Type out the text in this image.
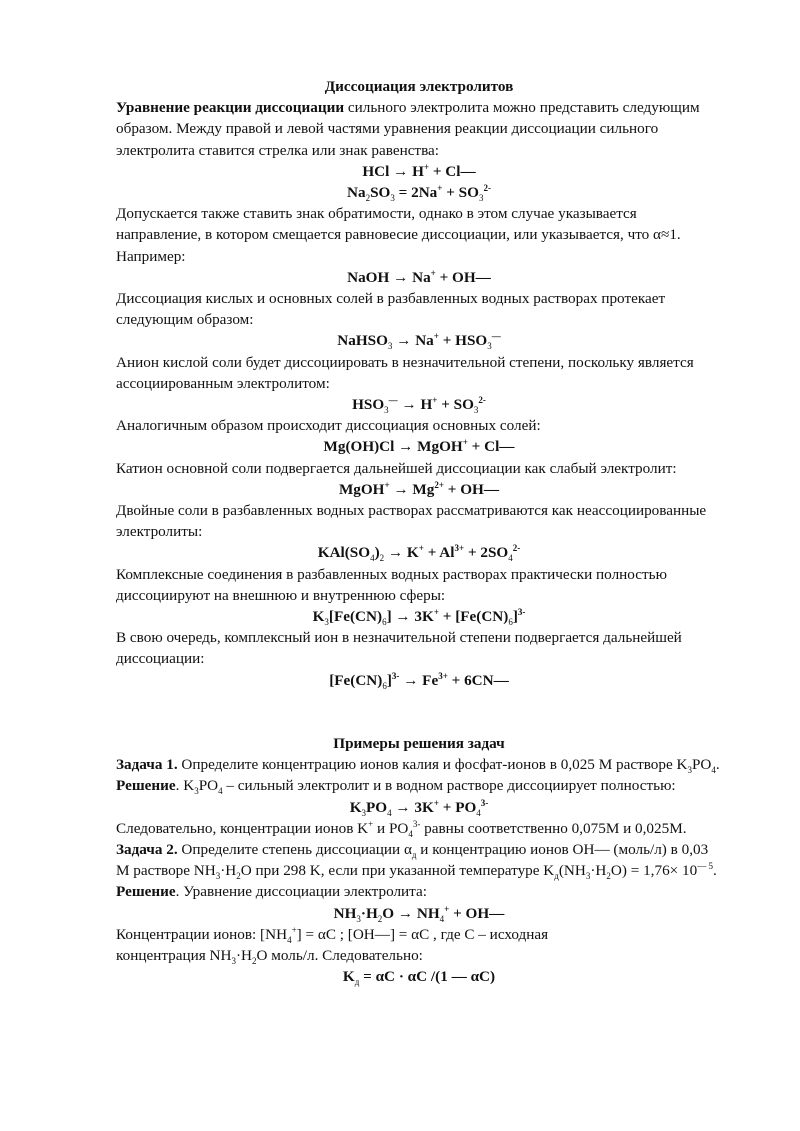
Диссоциация электролитов

Уравнение реакции диссоциации сильного электролита можно представить следующим образом. Между правой и левой частями уравнения реакции диссоциации сильного электролита ставится стрелка или знак равенства:

HCl → H+ + Cl—

$Na_2SO_3 = 2Na^+ + SO_3^{2-}$

Допускается также ставить знак обратимости, однако в этом случае указывается направление, в котором смещается равновесие диссоциации, или указывается, что α≈1. Например:

NaOH → Na+ + OH—

Диссоциация кислых и основных солей в разбавленных водных растворах протекает следующим образом:

NaHSO$_3$ → $Na^+ + HSO_3^—$

Анион кислой соли будет диссоциировать в незначительной степени, поскольку является ассоциированным электролитом:

$HSO_3^— \to H^+ + SO_3^{2-}$

Аналогичным образом происходит диссоциация основных солей:

Mg(OH)Cl → MgOH+ + Cl—

Катион основной соли подвергается дальнейшей диссоциации как слабый электролит:

MgOH+ → $Mg^{2+}$ + OH—

Двойные соли в разбавленных водных растворах рассматриваются как неассоциированные электролиты:

$KAl(SO_4)_2 \to K^+ + Al^{3+} + 2SO_4^{2-}$

Комплексные соединения в разбавленных водных растворах практически полностью диссоциируют на внешнюю и внутреннюю сферы:

$K_3[Fe(CN)_6] \to 3K^+ + [Fe(CN)_6]^{3-}$

В свою очередь, комплексный ион в незначительной степени подвергается дальнейшей диссоциации:

$[Fe(CN)_6]^{3-} \to Fe^{3+}$ + 6CN—

Примеры решения задач

Задача 1. Определите концентрацию ионов калия и фосфат-ионов в 0,025 М растворе $K_3PO_4$.

Решение. $K_3PO_4$ – сильный электролит и в водном растворе диссоциирует полностью:

$K_3PO_4 \to 3K^+ + PO_4^{3-}$

Следовательно, концентрации ионов K+ и $PO_4^{3-}$ равны соответственно 0,075М и 0,025М.

Задача 2. Определите степень диссоциации $\alpha_д$ и концентрацию ионов OH— (моль/л) в 0,03 М растворе $NH_3\cdot H_2O$ при 298 K, если при указанной температуре $K_д(NH_3\cdot H_2O) = 1,76\times 10^{— 5}$.

Решение. Уравнение диссоциации электролита:

$NH_3\cdot H_2O \to NH_4^+$ + OH—

Концентрации ионов: $[NH_4^+] = \alpha C$ ; [OH—] = αC , где C – исходная

концентрация $NH_3\cdot H_2O$ моль/л. Следовательно:

$K_д = \alpha C \cdot \alpha C$ /(1 — αC)
